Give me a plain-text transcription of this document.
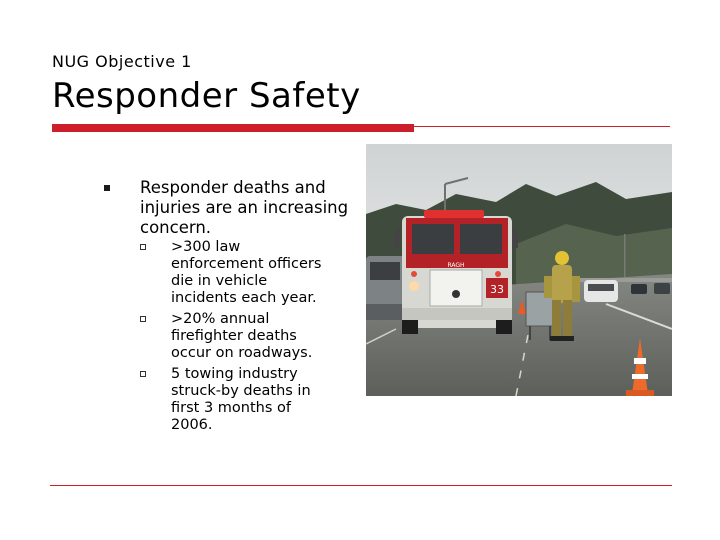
NUG Objective 1
Responder Safety
Responder deaths and injuries are an increasing concern.
>300 law enforcement officers die in vehicle incidents each year.
>20% annual firefighter deaths occur on roadways.
5 towing industry struck-by deaths in first 3 months of 2006.
RAGH
33
